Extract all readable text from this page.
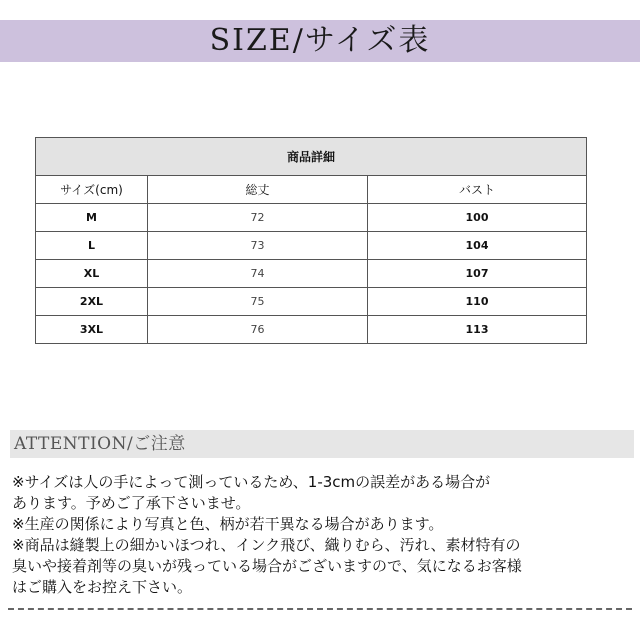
SIZE/サイズ表
商品詳細		
サイズ(cm)	総丈	バスト
M	72	100
L	73	104
XL	74	107
2XL	75	110
3XL	76	113
ATTENTION/ご注意

※サイズは人の手によって測っているため、1-3cmの誤差がある場合が

あります。予めご了承下さいませ。

※生産の関係により写真と色、柄が若干異なる場合があります。

※商品は縫製上の細かいほつれ、インク飛び、織りむら、汚れ、素材特有の

臭いや接着剤等の臭いが残っている場合がございますので、気になるお客様

はご購入をお控え下さい。
